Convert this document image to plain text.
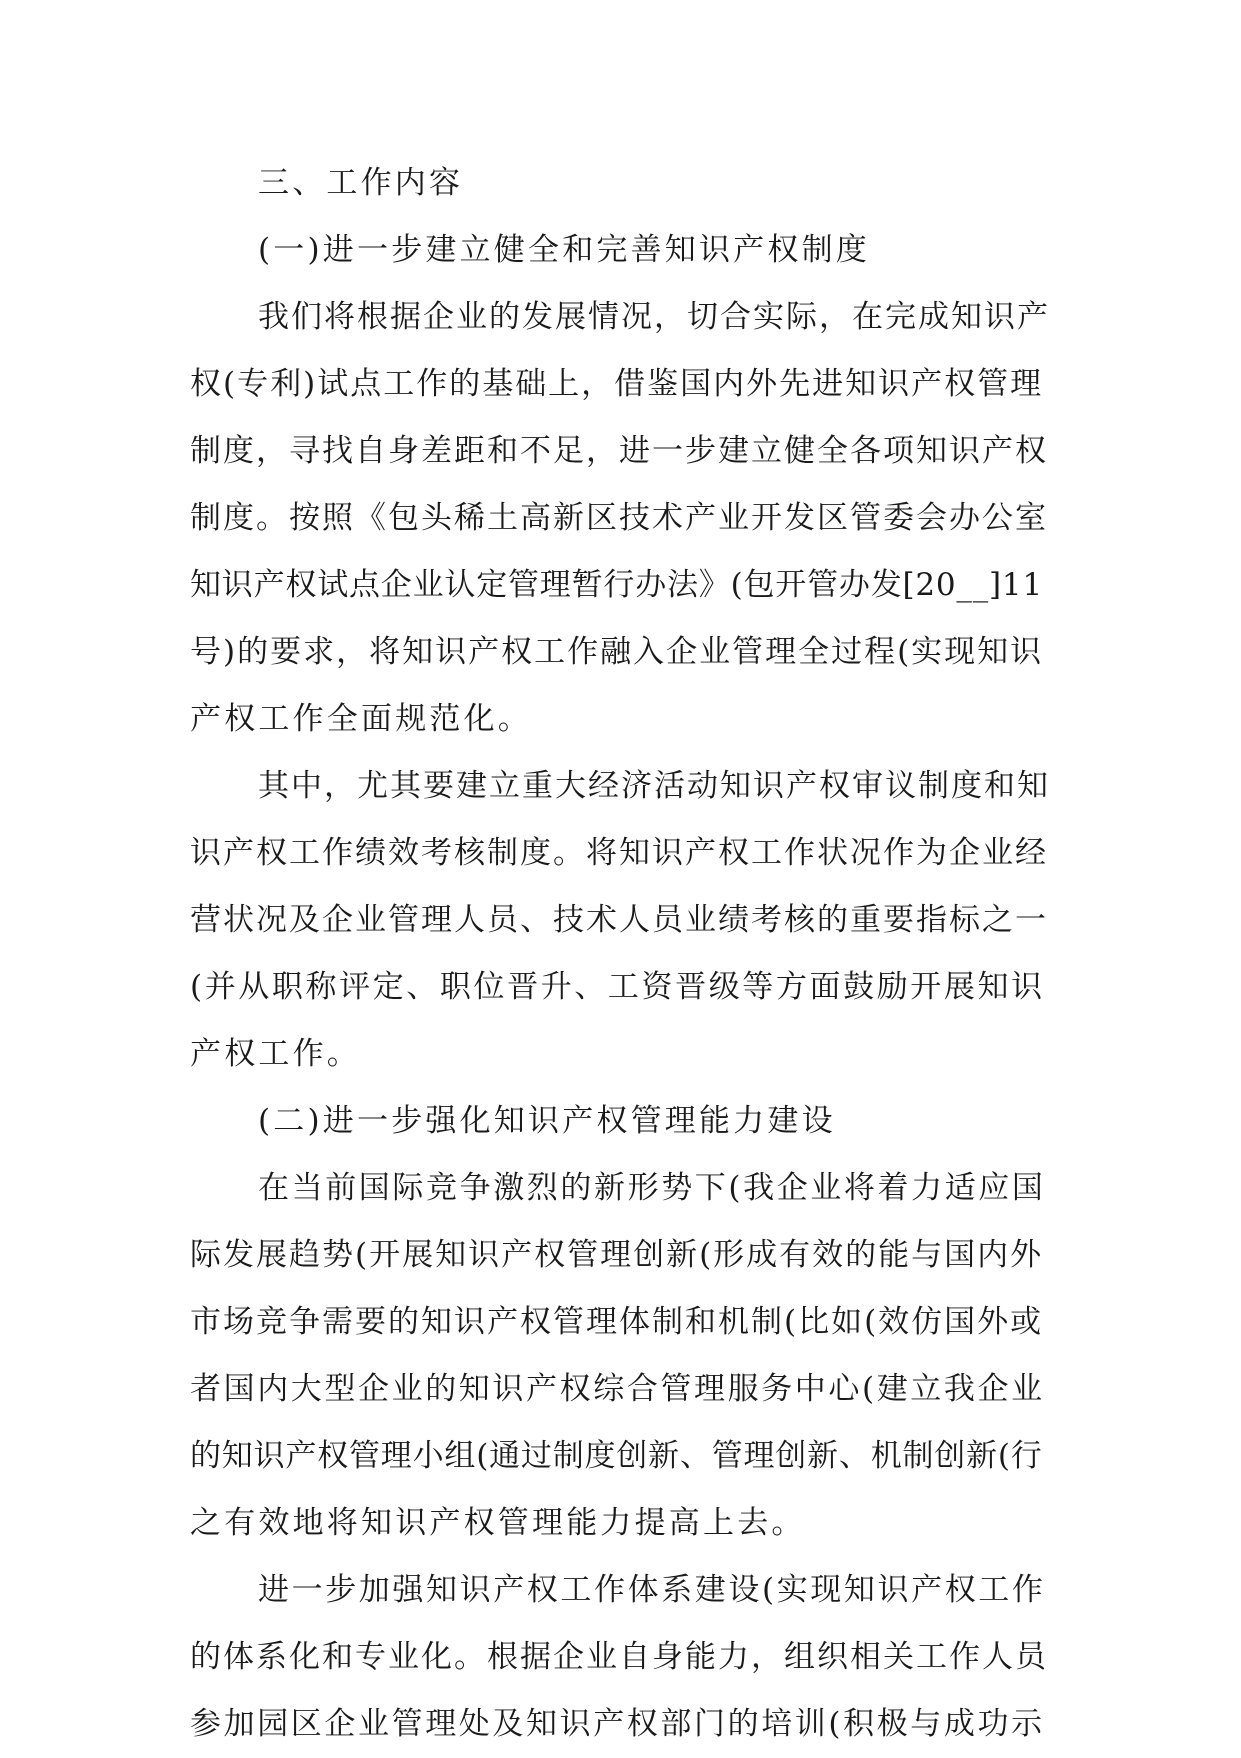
三、工作内容
(一)进一步建立健全和完善知识产权制度
我们将根据企业的发展情况，切合实际，在完成知识产
权(专利)试点工作的基础上，借鉴国内外先进知识产权管理
制度，寻找自身差距和不足，进一步建立健全各项知识产权
制度。按照《包头稀土高新区技术产业开发区管委会办公室
知识产权试点企业认定管理暂行办法》(包开管办发[20__]11
号)的要求，将知识产权工作融入企业管理全过程(实现知识
产权工作全面规范化。
其中，尤其要建立重大经济活动知识产权审议制度和知
识产权工作绩效考核制度。将知识产权工作状况作为企业经
营状况及企业管理人员、技术人员业绩考核的重要指标之一
(并从职称评定、职位晋升、工资晋级等方面鼓励开展知识
产权工作。
(二)进一步强化知识产权管理能力建设
在当前国际竞争激烈的新形势下(我企业将着力适应国
际发展趋势(开展知识产权管理创新(形成有效的能与国内外
市场竞争需要的知识产权管理体制和机制(比如(效仿国外或
者国内大型企业的知识产权综合管理服务中心(建立我企业
的知识产权管理小组(通过制度创新、管理创新、机制创新(行
之有效地将知识产权管理能力提高上去。
进一步加强知识产权工作体系建设(实现知识产权工作
的体系化和专业化。根据企业自身能力，组织相关工作人员
参加园区企业管理处及知识产权部门的培训(积极与成功示
